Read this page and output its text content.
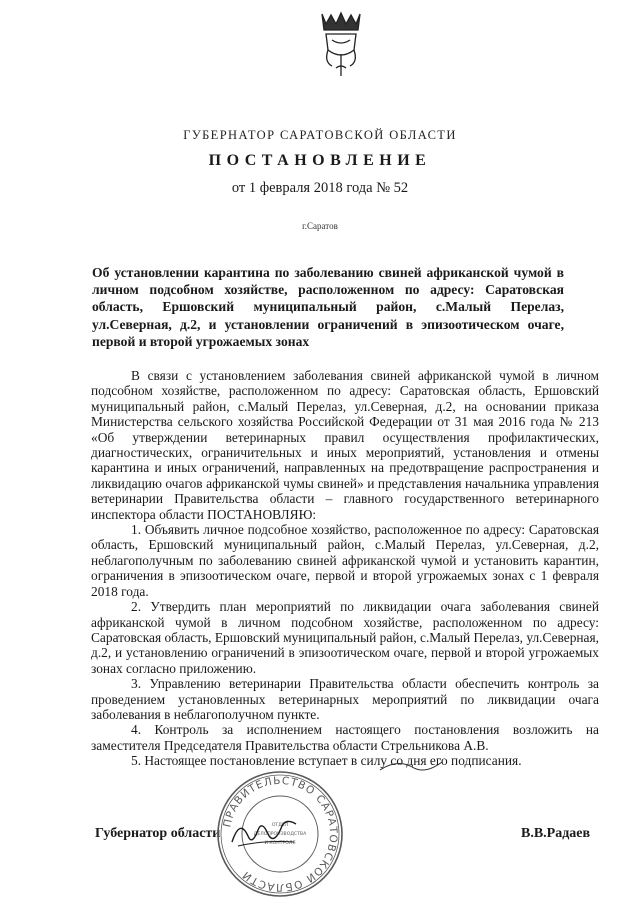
ГУБЕРНАТОР САРАТОВСКОЙ ОБЛАСТИ
ПОСТАНОВЛЕНИЕ
от 1 февраля 2018 года № 52
г.Саратов
Об установлении карантина по заболеванию свиней африканской чумой в личном подсобном хозяйстве, расположенном по адресу: Саратовская область, Ершовский муниципальный район, с.Малый Перелаз, ул.Северная, д.2, и установлении ограничений в эпизоотическом очаге, первой и второй угрожаемых зонах

В связи с установлением заболевания свиней африканской чумой в личном подсобном хозяйстве, расположенном по адресу: Саратовская область, Ершовский муниципальный район, с.Малый Перелаз, ул.Северная, д.2, на основании приказа Министерства сельского хозяйства Российской Федерации от 31 мая 2016 года № 213 «Об утверждении ветеринарных правил осуществления профилактических, диагностических, ограничительных и иных мероприятий, установления и отмены карантина и иных ограничений, направленных на предотвращение распространения и ликвидацию очагов африканской чумы свиней» и представления начальника управления ветеринарии Правительства области – главного государственного ветеринарного инспектора области ПОСТАНОВЛЯЮ:

1. Объявить личное подсобное хозяйство, расположенное по адресу: Саратовская область, Ершовский муниципальный район, с.Малый Перелаз, ул.Северная, д.2, неблагополучным по заболеванию свиней африканской чумой и установить карантин, ограничения в эпизоотическом очаге, первой и второй угрожаемых зонах с 1 февраля 2018 года.

2. Утвердить план мероприятий по ликвидации очага заболевания свиней африканской чумой в личном подсобном хозяйстве, расположенном по адресу: Саратовская область, Ершовский муниципальный район, с.Малый Перелаз, ул.Северная, д.2, и установлению ограничений в эпизоотическом очаге, первой и второй угрожаемых зонах согласно приложению.

3. Управлению ветеринарии Правительства области обеспечить контроль за проведением установленных ветеринарных мероприятий по ликвидации очага заболевания в неблагополучном пункте.

4. Контроль за исполнением настоящего постановления возложить на заместителя Председателя Правительства области Стрельникова А.В.

5. Настоящее постановление вступает в силу со дня его подписания.

Губернатор области	В.В.Радаев
ПРАВИТЕЛЬСТВО САРАТОВСКОЙ ОБЛАСТИ
ОТДЕЛ
ДЕЛОПРОИЗВОДСТВА
И КОНТРОЛЯ
